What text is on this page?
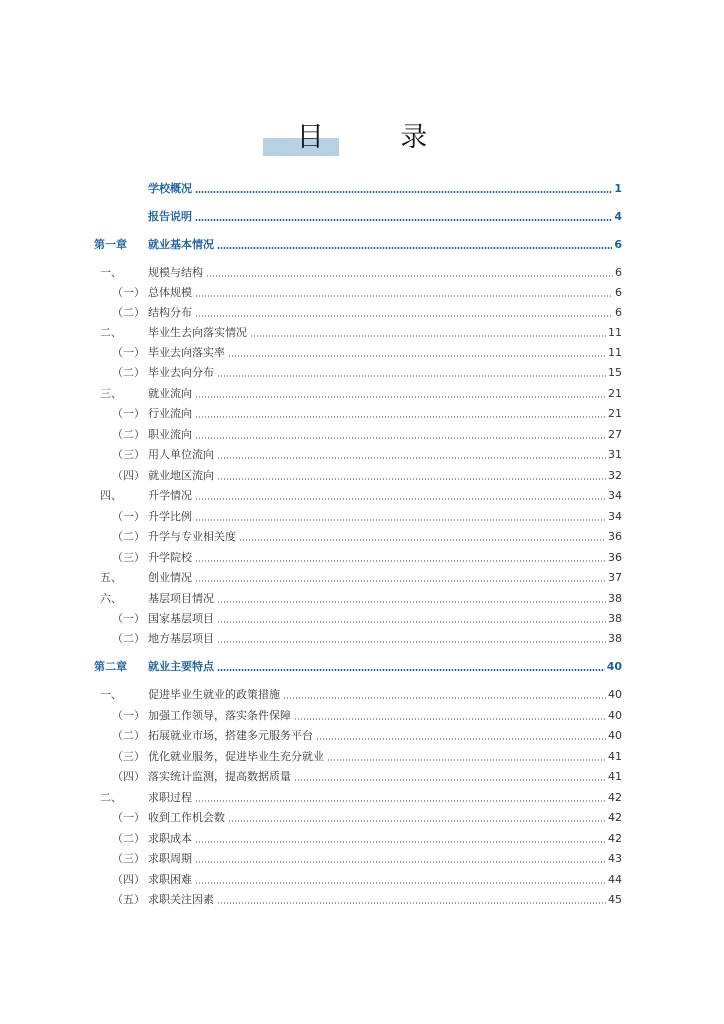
目 录
学校概况	1
报告说明	4
第一章	就业基本情况	6
一、	规模与结构	6
（一） 总体规模	6
（二） 结构分布	6
二、	毕业生去向落实情况	11
（一） 毕业去向落实率	11
（二） 毕业去向分布	15
三、	就业流向	21
（一） 行业流向	21
（二） 职业流向	27
（三） 用人单位流向	31
（四） 就业地区流向	32
四、	升学情况	34
（一） 升学比例	34
（二） 升学与专业相关度	36
（三） 升学院校	36
五、	创业情况	37
六、	基层项目情况	38
（一） 国家基层项目	38
（二） 地方基层项目	38
第二章	就业主要特点	40
一、	促进毕业生就业的政策措施	40
（一） 加强工作领导，落实条件保障	40
（二） 拓展就业市场，搭建多元服务平台	40
（三） 优化就业服务，促进毕业生充分就业	41
（四） 落实统计监测，提高数据质量	41
二、	求职过程	42
（一） 收到工作机会数	42
（二） 求职成本	42
（三） 求职周期	43
（四） 求职困难	44
（五） 求职关注因素	45
